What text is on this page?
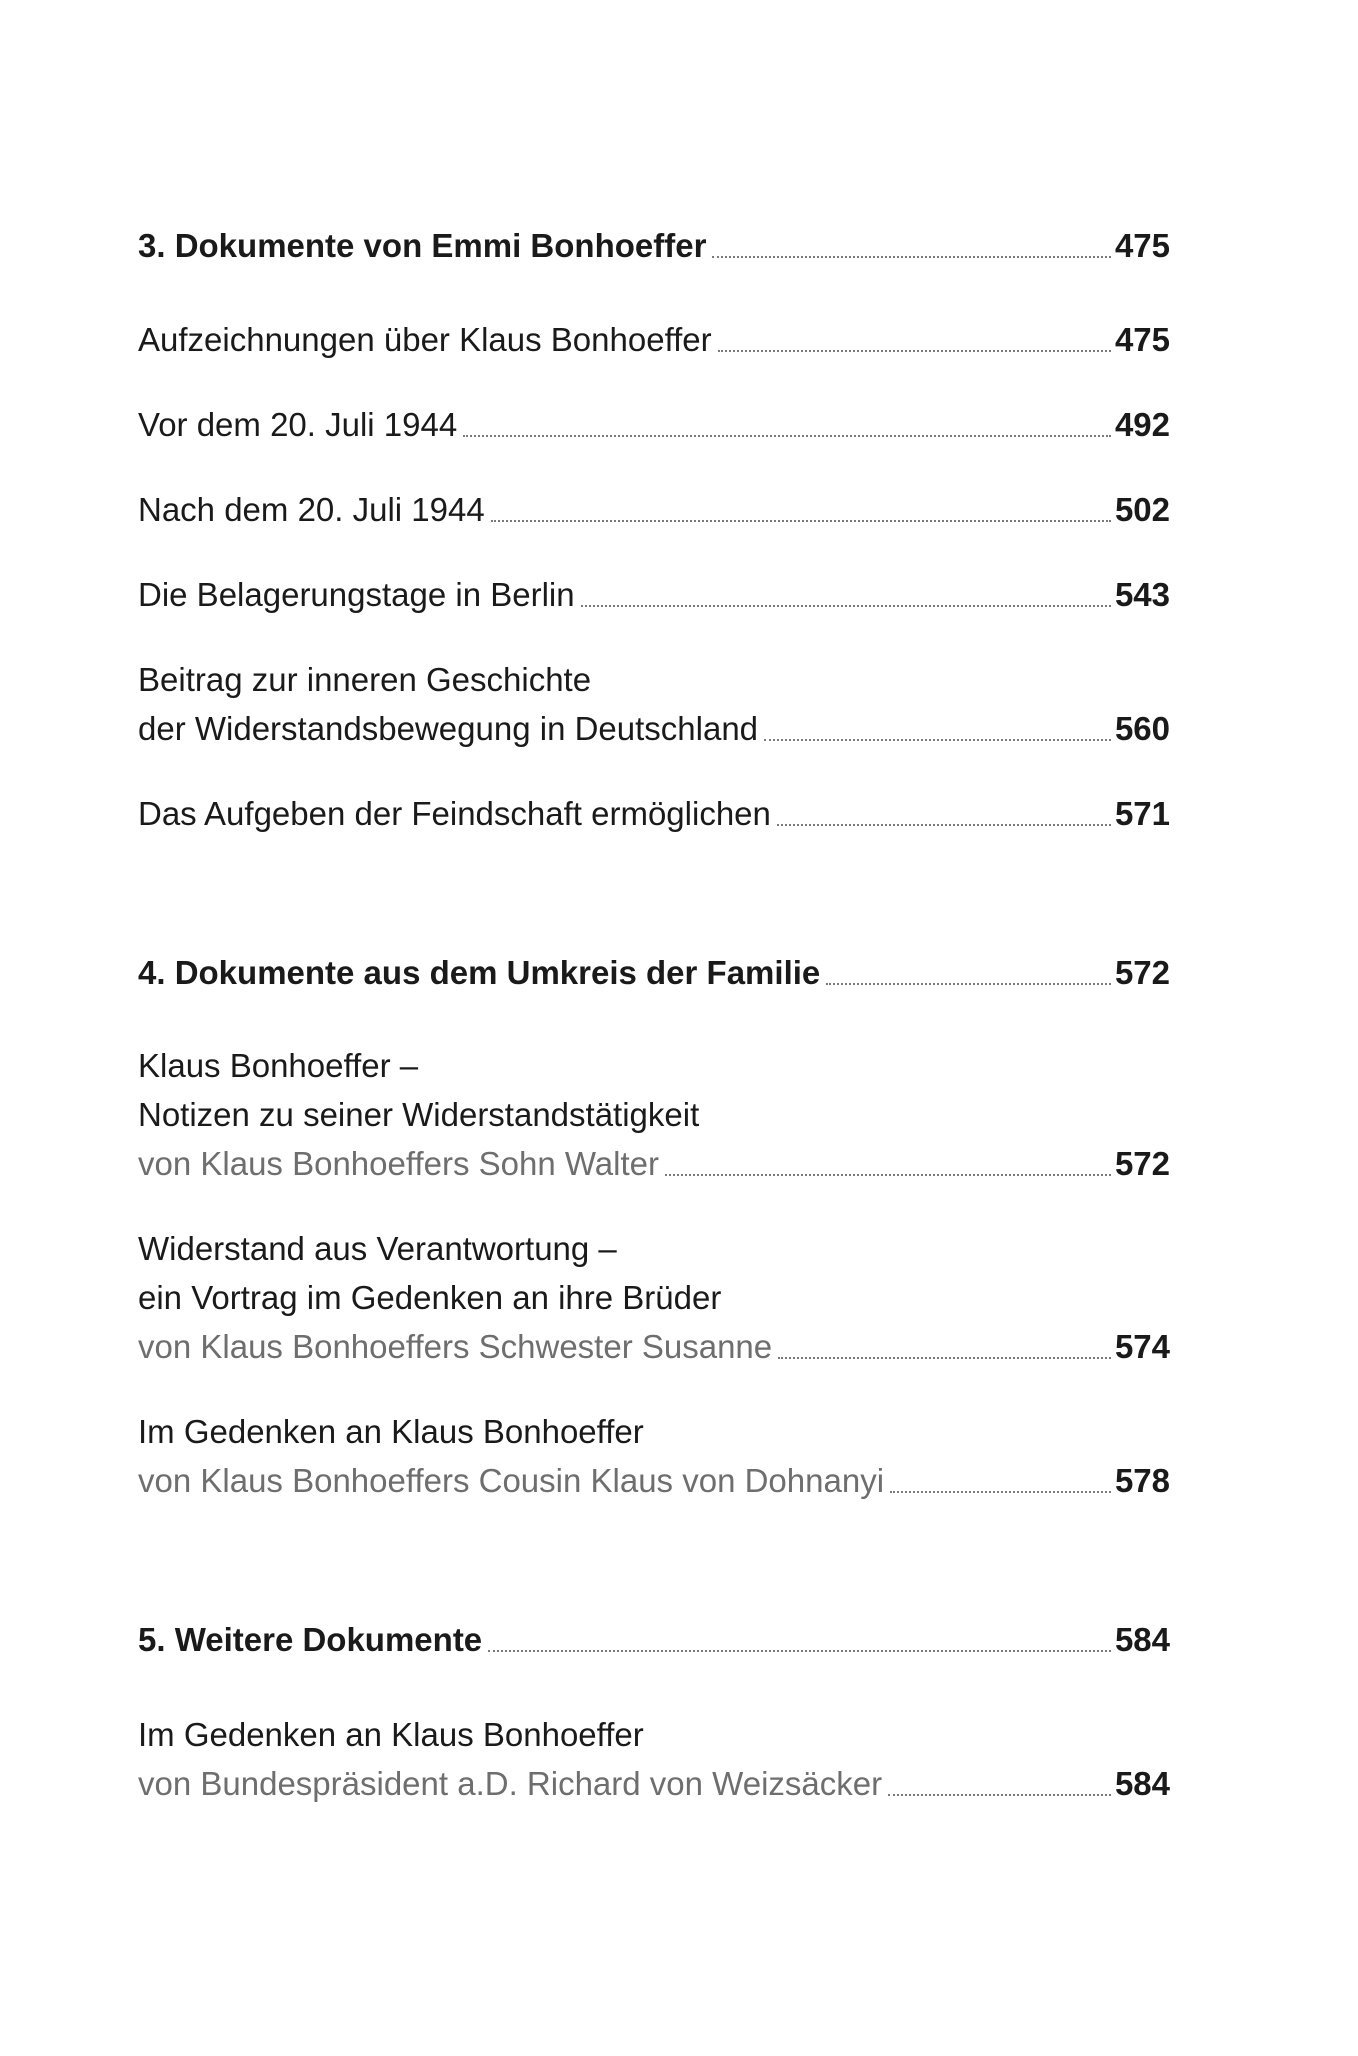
3. Dokumente von Emmi Bonhoeffer	475
Aufzeichnungen über Klaus Bonhoeffer	475
Vor dem 20. Juli 1944	492
Nach dem 20. Juli 1944	502
Die Belagerungstage in Berlin	543
Beitrag zur inneren Geschichte
der Widerstandsbewegung in Deutschland	560
Das Aufgeben der Feindschaft ermöglichen	571
4. Dokumente aus dem Umkreis der Familie	572
Klaus Bonhoeffer –
Notizen zu seiner Widerstandstätigkeit
von Klaus Bonhoeffers Sohn Walter	572
Widerstand aus Verantwortung –
ein Vortrag im Gedenken an ihre Brüder
von Klaus Bonhoeffers Schwester Susanne	574
Im Gedenken an Klaus Bonhoeffer
von Klaus Bonhoeffers Cousin Klaus von Dohnanyi	578
5. Weitere Dokumente	584
Im Gedenken an Klaus Bonhoeffer
von Bundespräsident a.D. Richard von Weizsäcker	584
